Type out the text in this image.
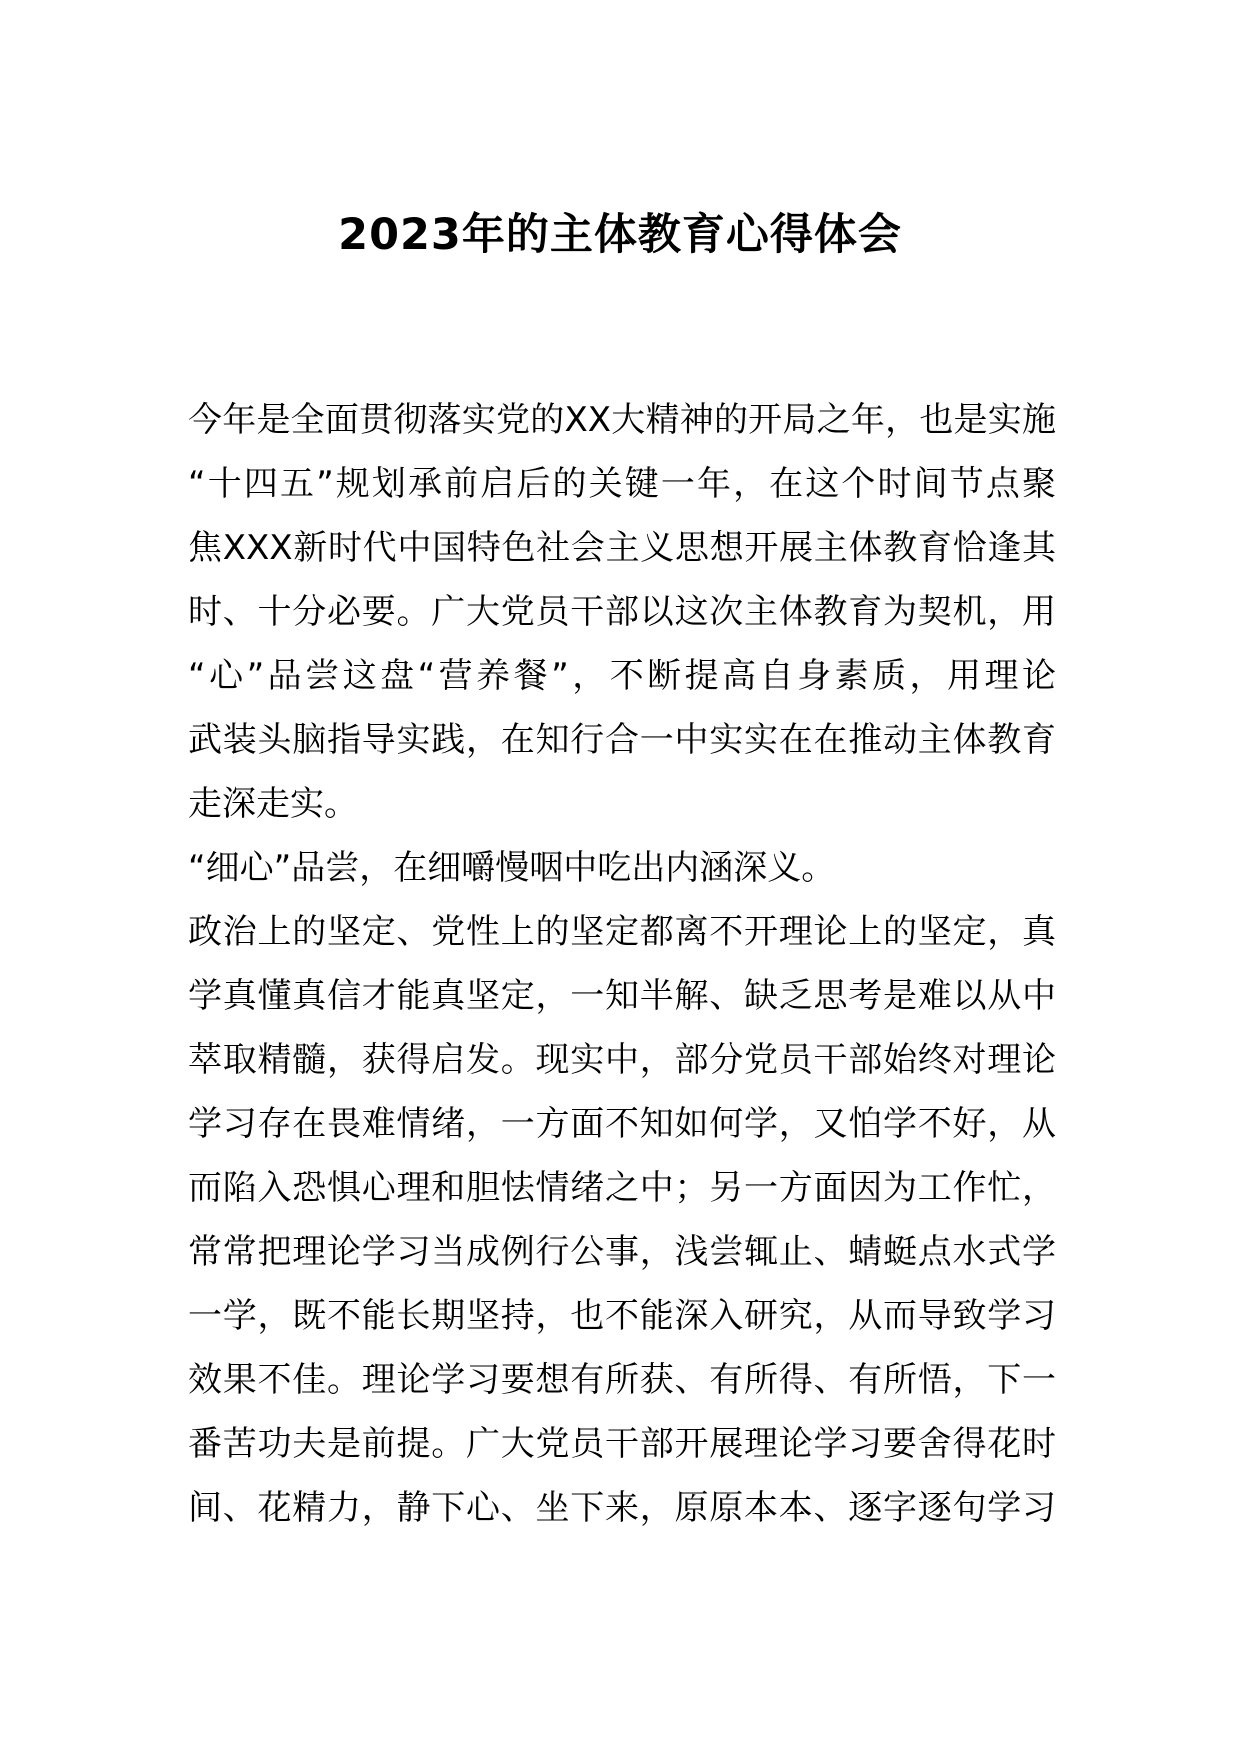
2023年的主体教育心得体会
今年是全面贯彻落实党的XX大精神的开局之年，也是实施
“十四五”规划承前启后的关键一年，在这个时间节点聚
焦XXX新时代中国特色社会主义思想开展主体教育恰逢其
时、十分必要。广大党员干部以这次主体教育为契机，用
“心”品尝这盘“营养餐”，不断提高自身素质，用理论
武装头脑指导实践，在知行合一中实实在在推动主体教育
走深走实。
“细心”品尝，在细嚼慢咽中吃出内涵深义。
政治上的坚定、党性上的坚定都离不开理论上的坚定，真
学真懂真信才能真坚定，一知半解、缺乏思考是难以从中
萃取精髓，获得启发。现实中，部分党员干部始终对理论
学习存在畏难情绪，一方面不知如何学，又怕学不好，从
而陷入恐惧心理和胆怯情绪之中；另一方面因为工作忙，
常常把理论学习当成例行公事，浅尝辄止、蜻蜓点水式学
一学，既不能长期坚持，也不能深入研究，从而导致学习
效果不佳。理论学习要想有所获、有所得、有所悟，下一
番苦功夫是前提。广大党员干部开展理论学习要舍得花时
间、花精力，静下心、坐下来，原原本本、逐字逐句学习
